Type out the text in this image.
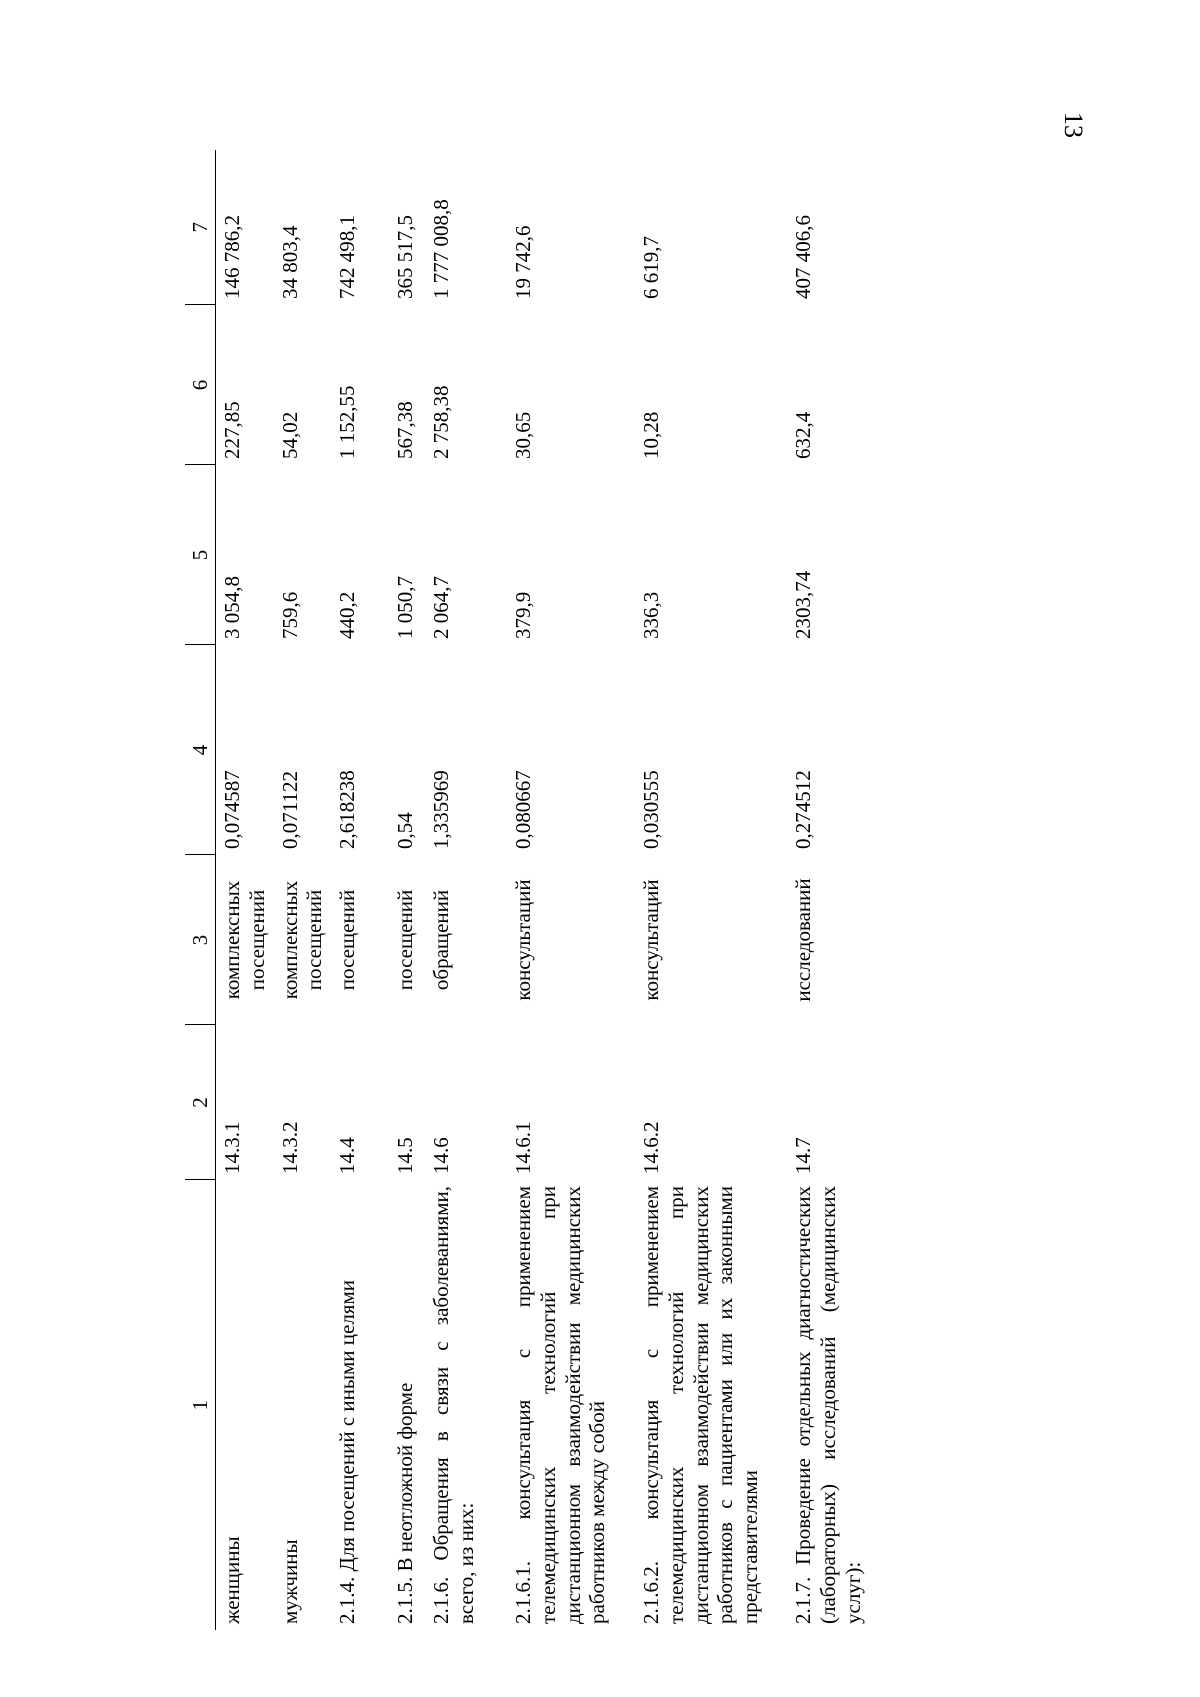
13
1	2	3	4	5	6	7
женщины	14.3.1	комплексных посещений	0,074587	3 054,8	227,85	146 786,2
мужчины	14.3.2	комплексных посещений	0,071122	759,6	54,02	34 803,4
2.1.4. Для посещений с иными целями	14.4	посещений	2,618238	440,2	1 152,55	742 498,1
2.1.5. В неотложной форме	14.5	посещений	0,54	1 050,7	567,38	365 517,5
2.1.6. Обращения в связи с заболеваниями, всего, из них:	14.6	обращений	1,335969	2 064,7	2 758,38	1 777 008,8
2.1.6.1. консультация с применением телемедицинских технологий при дистанционном взаимодействии медицинских работников между собой	14.6.1	консультаций	0,080667	379,9	30,65	19 742,6
2.1.6.2. консультация с применением телемедицинских технологий при дистанционном взаимодействии медицинских работников с пациентами или их законными представителями	14.6.2	консультаций	0,030555	336,3	10,28	6 619,7
2.1.7. Проведение отдельных диагностических (лабораторных) исследований (медицинских услуг):	14.7	исследований	0,274512	2303,74	632,4	407 406,6
